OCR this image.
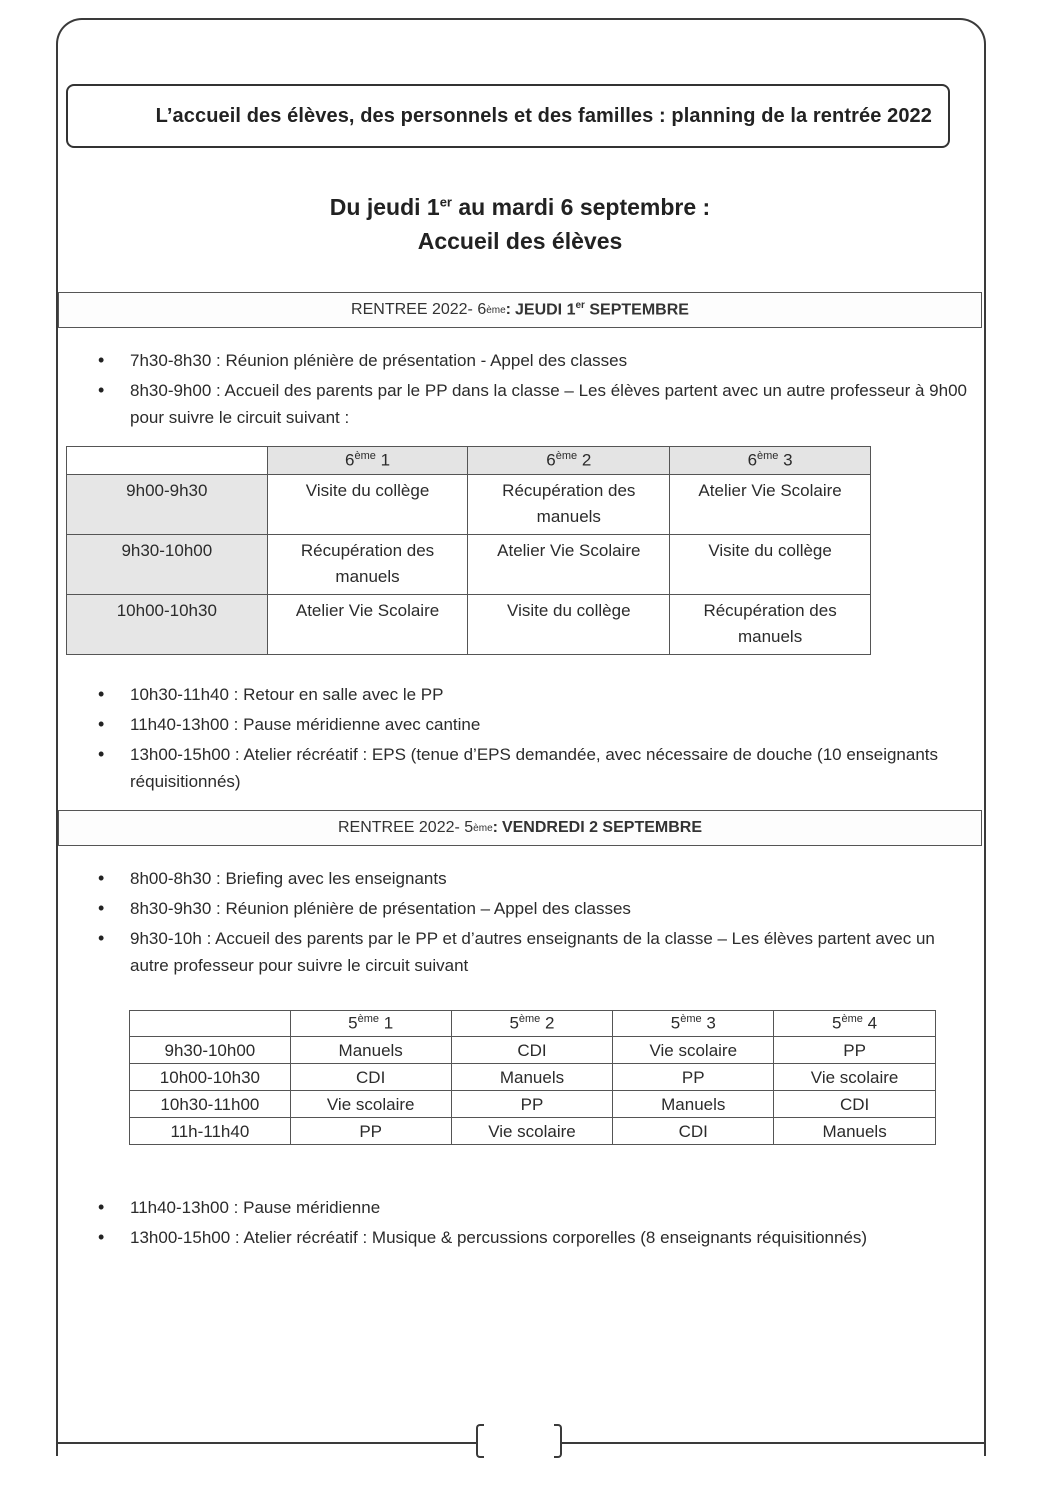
L’accueil des élèves, des personnels et des familles : planning de la rentrée 2022
Du jeudi 1er au mardi 6 septembre :
Accueil des élèves
RENTREE 2022- 6 ème : JEUDI 1er SEPTEMBRE
• 7h30-8h30 : Réunion plénière de présentation - Appel des classes
• 8h30-9h00 : Accueil des parents par le PP dans la classe – Les élèves partent avec un autre professeur à 9h00 pour suivre le circuit suivant :
	6ème 1	6ème 2	6ème 3
9h00-9h30	Visite du collège	Récupération des manuels	Atelier Vie Scolaire
9h30-10h00	Récupération des manuels	Atelier Vie Scolaire	Visite du collège
10h00-10h30	Atelier Vie Scolaire	Visite du collège	Récupération des manuels
• 10h30-11h40 : Retour en salle avec le PP
• 11h40-13h00 : Pause méridienne avec cantine
• 13h00-15h00 : Atelier récréatif : EPS (tenue d’EPS demandée, avec nécessaire de douche (10 enseignants réquisitionnés)
RENTREE 2022- 5 ème : VENDREDI 2 SEPTEMBRE
• 8h00-8h30 : Briefing avec les enseignants
• 8h30-9h30 : Réunion plénière de présentation – Appel des classes
• 9h30-10h : Accueil des parents par le PP et d’autres enseignants de la classe – Les élèves partent avec un autre professeur pour suivre le circuit suivant
	5ème 1	5ème 2	5ème 3	5ème 4
9h30-10h00	Manuels	CDI	Vie scolaire	PP
10h00-10h30	CDI	Manuels	PP	Vie scolaire
10h30-11h00	Vie scolaire	PP	Manuels	CDI
11h-11h40	PP	Vie scolaire	CDI	Manuels
• 11h40-13h00 : Pause méridienne
• 13h00-15h00 : Atelier récréatif : Musique & percussions corporelles (8 enseignants réquisitionnés)
